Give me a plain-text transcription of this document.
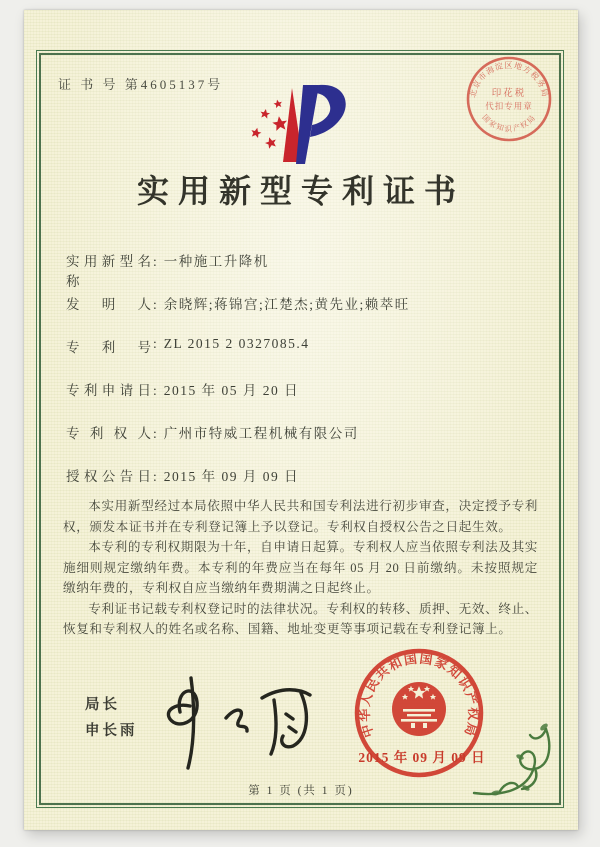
证 书 号 第4605137号
实用新型专利证书
北京市海淀区地方税务局
国家知识产权局
印花税
代扣专用章
实用新型名称: 一种施工升降机
发明人: 余晓辉;蒋锦宫;江楚杰;黄先业;赖萃旺
专利号: ZL 2015 2 0327085.4
专利申请日: 2015 年 05 月 20 日
专利权人: 广州市特威工程机械有限公司
授权公告日: 2015 年 09 月 09 日

本实用新型经过本局依照中华人民共和国专利法进行初步审查，决定授予专利权，颁发本证书并在专利登记簿上予以登记。专利权自授权公告之日起生效。

本专利的专利权期限为十年，自申请日起算。专利权人应当依照专利法及其实施细则规定缴纳年费。本专利的年费应当在每年 05 月 20 日前缴纳。未按照规定缴纳年费的，专利权自应当缴纳年费期满之日起终止。

专利证书记载专利权登记时的法律状况。专利权的转移、质押、无效、终止、恢复和专利权人的姓名或名称、国籍、地址变更等事项记载在专利登记簿上。

局长
申长雨	中华人民共和国国家知识产权局
2015 年 09 月 09 日
第 1 页 (共 1 页)
